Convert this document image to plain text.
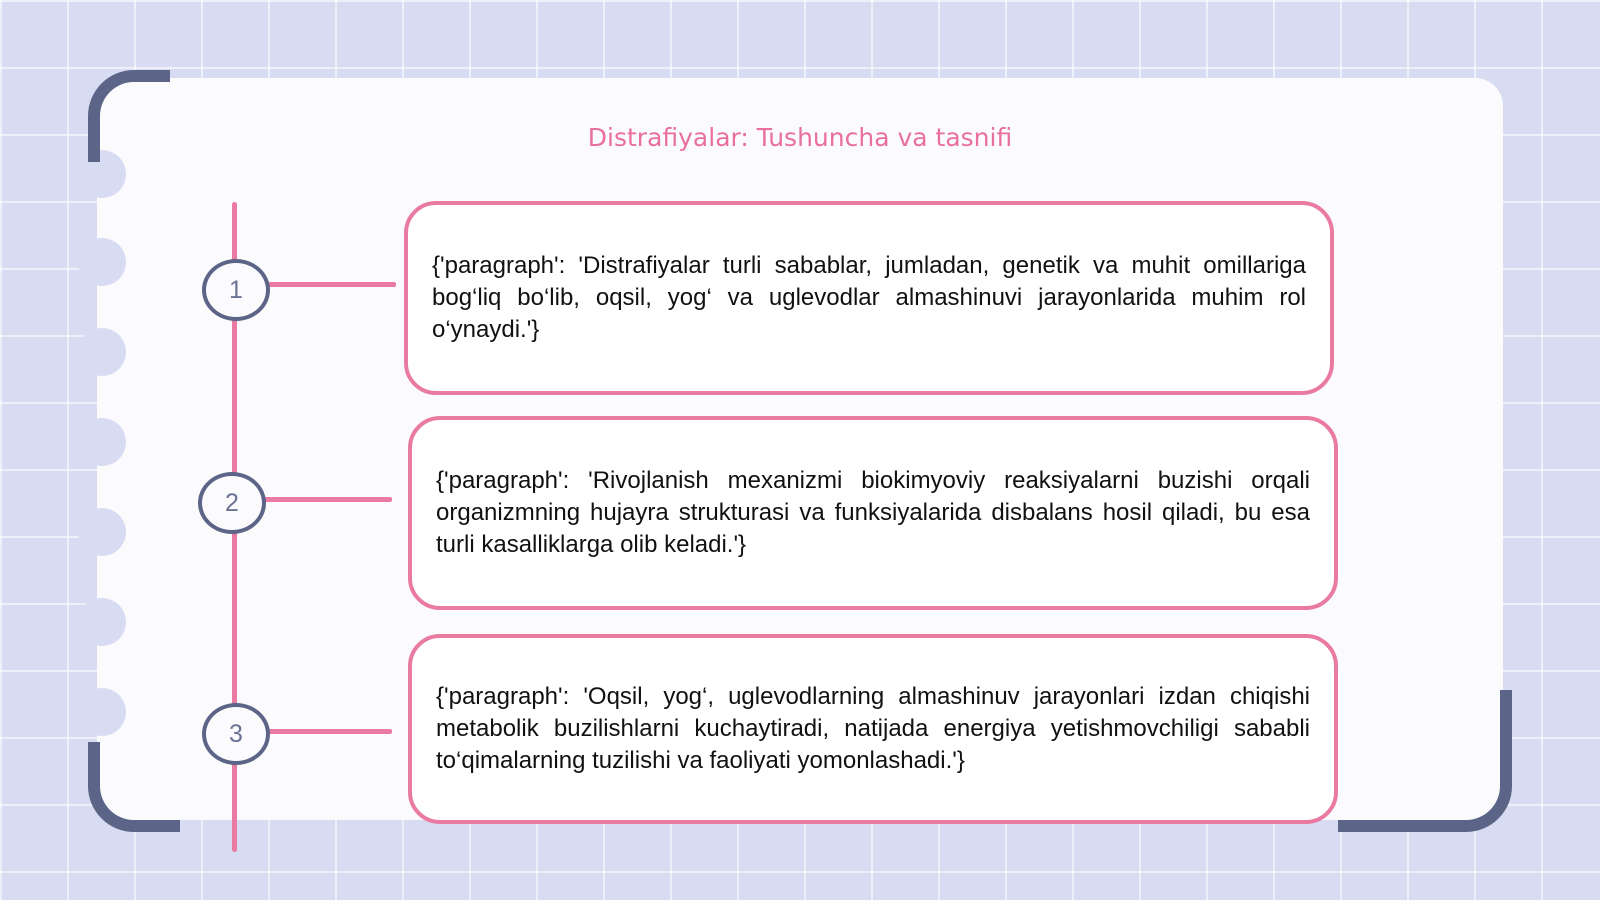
Distrafiyalar: Tushuncha va tasnifi
1
2
3

{'paragraph': 'Distrafiyalar turli sabablar, jumladan, genetik va muhit omillariga bog‘liq bo‘lib, oqsil, yog‘ va uglevodlar almashinuvi jarayonlarida muhim rol o‘ynaydi.'}

{'paragraph': 'Rivojlanish mexanizmi biokimyoviy reaksiyalarni buzishi orqali organizmning hujayra strukturasi va funksiyalarida disbalans hosil qiladi, bu esa turli kasalliklarga olib keladi.'}

{'paragraph': 'Oqsil, yog‘, uglevodlarning almashinuv jarayonlari izdan chiqishi metabolik buzilishlarni kuchaytiradi, natijada energiya yetishmovchiligi sababli to‘qimalarning tuzilishi va faoliyati yomonlashadi.'}
